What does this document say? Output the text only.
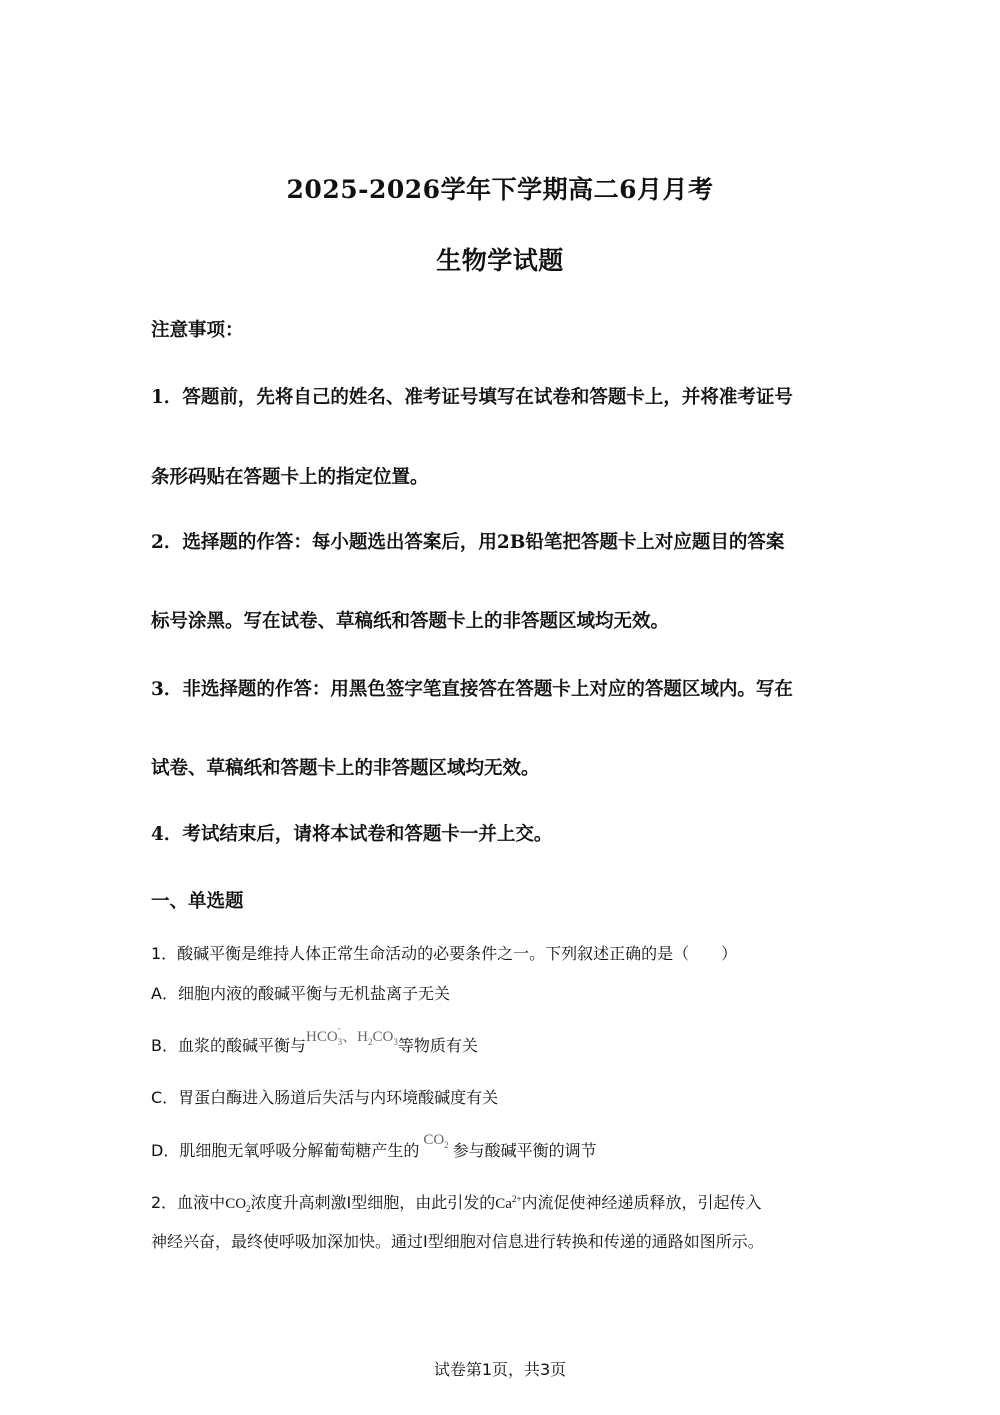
2025-2026学年下学期高二6月月考
生物学试题
注意事项：
1．答题前，先将自己的姓名、准考证号填写在试卷和答题卡上，并将准考证号
条形码贴在答题卡上的指定位置。
2．选择题的作答：每小题选出答案后，用2B铅笔把答题卡上对应题目的答案
标号涂黑。写在试卷、草稿纸和答题卡上的非答题区域均无效。
3．非选择题的作答：用黑色签字笔直接答在答题卡上对应的答题区域内。写在
试卷、草稿纸和答题卡上的非答题区域均无效。
4．考试结束后，请将本试卷和答题卡一并上交。
一、单选题
1．酸碱平衡是维持人体正常生命活动的必要条件之一。下列叙述正确的是（　　）
A．细胞内液的酸碱平衡与无机盐离子无关
B．血浆的酸碱平衡与HCO
-
$_3$、$H_2CO_3$等物质有关
C．胃蛋白酶进入肠道后失活与内环境酸碱度有关
D．肌细胞无氧呼吸分解葡萄糖产生的$CO_2$ 参与酸碱平衡的调节
2．血液中$CO_2$浓度升高刺激Ⅰ型细胞，由此引发的$Ca^{2+}$内流促使神经递质释放，引起传入
神经兴奋，最终使呼吸加深加快。通过Ⅰ型细胞对信息进行转换和传递的通路如图所示。
试卷第1页，共3页
